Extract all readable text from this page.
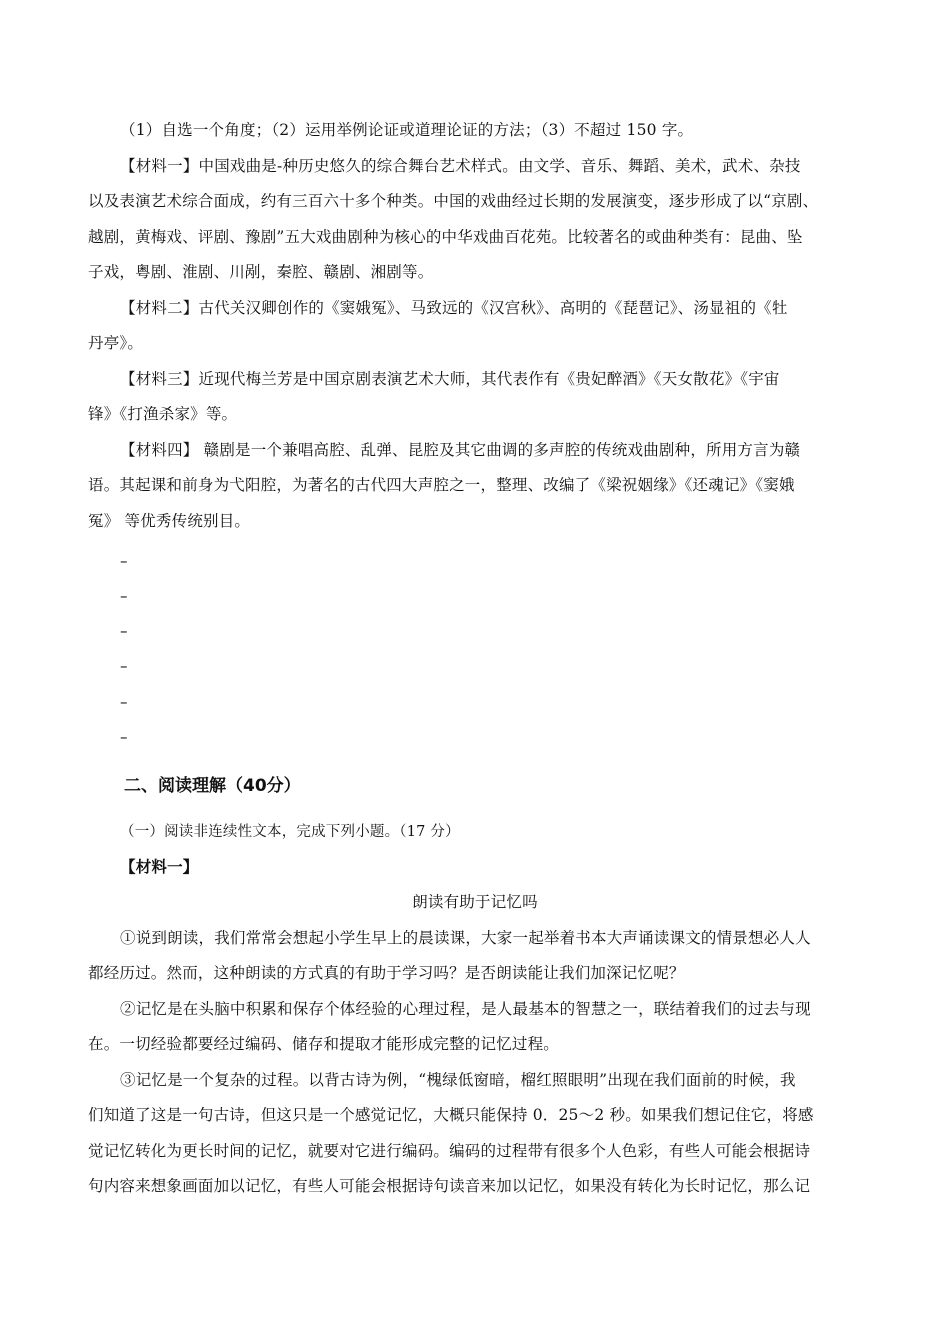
（1）自选一个角度；（2）运用举例论证或道理论证的方法；（3）不超过 150 字。
【材料一】中国戏曲是-种历史悠久的综合舞台艺术样式。由文学、音乐、舞蹈、美术，武术、杂技
以及表演艺术综合面成，约有三百六十多个种类。中国的戏曲经过长期的发展演变，逐步形成了以“京剧、
越剧，黄梅戏、评剧、豫剧”五大戏曲剧种为核心的中华戏曲百花苑。比较著名的或曲种类有：昆曲、坠
子戏，粤剧、淮剧、川剐，秦腔、赣剧、湘剧等。
【材料二】古代关汉卿创作的《窦娥冤》、马致远的《汉宫秋》、高明的《琵琶记》、汤显祖的《牡
丹亭》。
【材料三】近现代梅兰芳是中国京剧表演艺术大师，其代表作有《贵妃醉酒》《天女散花》《宇宙
锋》《打渔杀家》等。
【材料四】 赣剧是一个兼唱高腔、乱弹、昆腔及其它曲调的多声腔的传统戏曲剧种，所用方言为赣
语。其起课和前身为弋阳腔，为著名的古代四大声腔之一，整理、改编了《梁祝姻缘》《还魂记》《窦娥
冤》 等优秀传统别目。
–
–
–
–
–
–
二、阅读理解（40分）
（一）阅读非连续性文本，完成下列小题。（17 分）
【材料一】
朗读有助于记忆吗
①说到朗读，我们常常会想起小学生早上的晨读课，大家一起举着书本大声诵读课文的情景想必人人
都经历过。然而，这种朗读的方式真的有助于学习吗？是否朗读能让我们加深记忆呢？
②记忆是在头脑中积累和保存个体经验的心理过程，是人最基本的智慧之一，联结着我们的过去与现
在。一切经验都要经过编码、储存和提取才能形成完整的记忆过程。
③记忆是一个复杂的过程。以背古诗为例，“槐绿低窗暗，榴红照眼明”出现在我们面前的时候，我
们知道了这是一句古诗，但这只是一个感觉记忆，大概只能保持 0．25～2 秒。如果我们想记住它，将感
觉记忆转化为更长时间的记忆，就要对它进行编码。编码的过程带有很多个人色彩，有些人可能会根据诗
句内容来想象画面加以记忆，有些人可能会根据诗句读音来加以记忆，如果没有转化为长时记忆，那么记
